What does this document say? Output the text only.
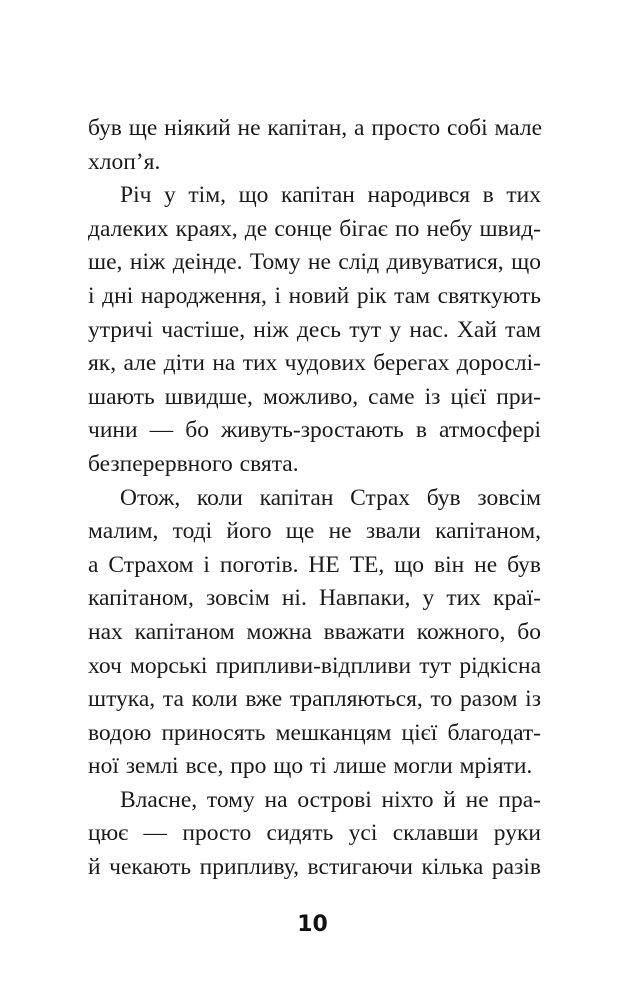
був ще ніякий не капітан, а просто собі мале
хлоп’я.
Річ у тім, що капітан народився в тих
далеких краях, де сонце бігає по небу швид-
ше, ніж деінде. Тому не слід дивуватися, що
і дні народження, і новий рік там святкують
утричі частіше, ніж десь тут у нас. Хай там
як, але діти на тих чудових берегах дорослі-
шають швидше, можливо, саме із цієї при-
чини — бо живуть-зростають в атмосфері
безперервного свята.
Отож, коли капітан Страх був зовсім
малим, тоді його ще не звали капітаном,
а Страхом і поготів. НЕ ТЕ, що він не був
капітаном, зовсім ні. Навпаки, у тих краї-
нах капітаном можна вважати кожного, бо
хоч морські припливи-відпливи тут рідкісна
штука, та коли вже трапляються, то разом із
водою приносять мешканцям цієї благодат-
ної землі все, про що ті лише могли мріяти.
Власне, тому на острові ніхто й не пра-
цює — просто сидять усі склавши руки
й чекають припливу, встигаючи кілька разів
10
